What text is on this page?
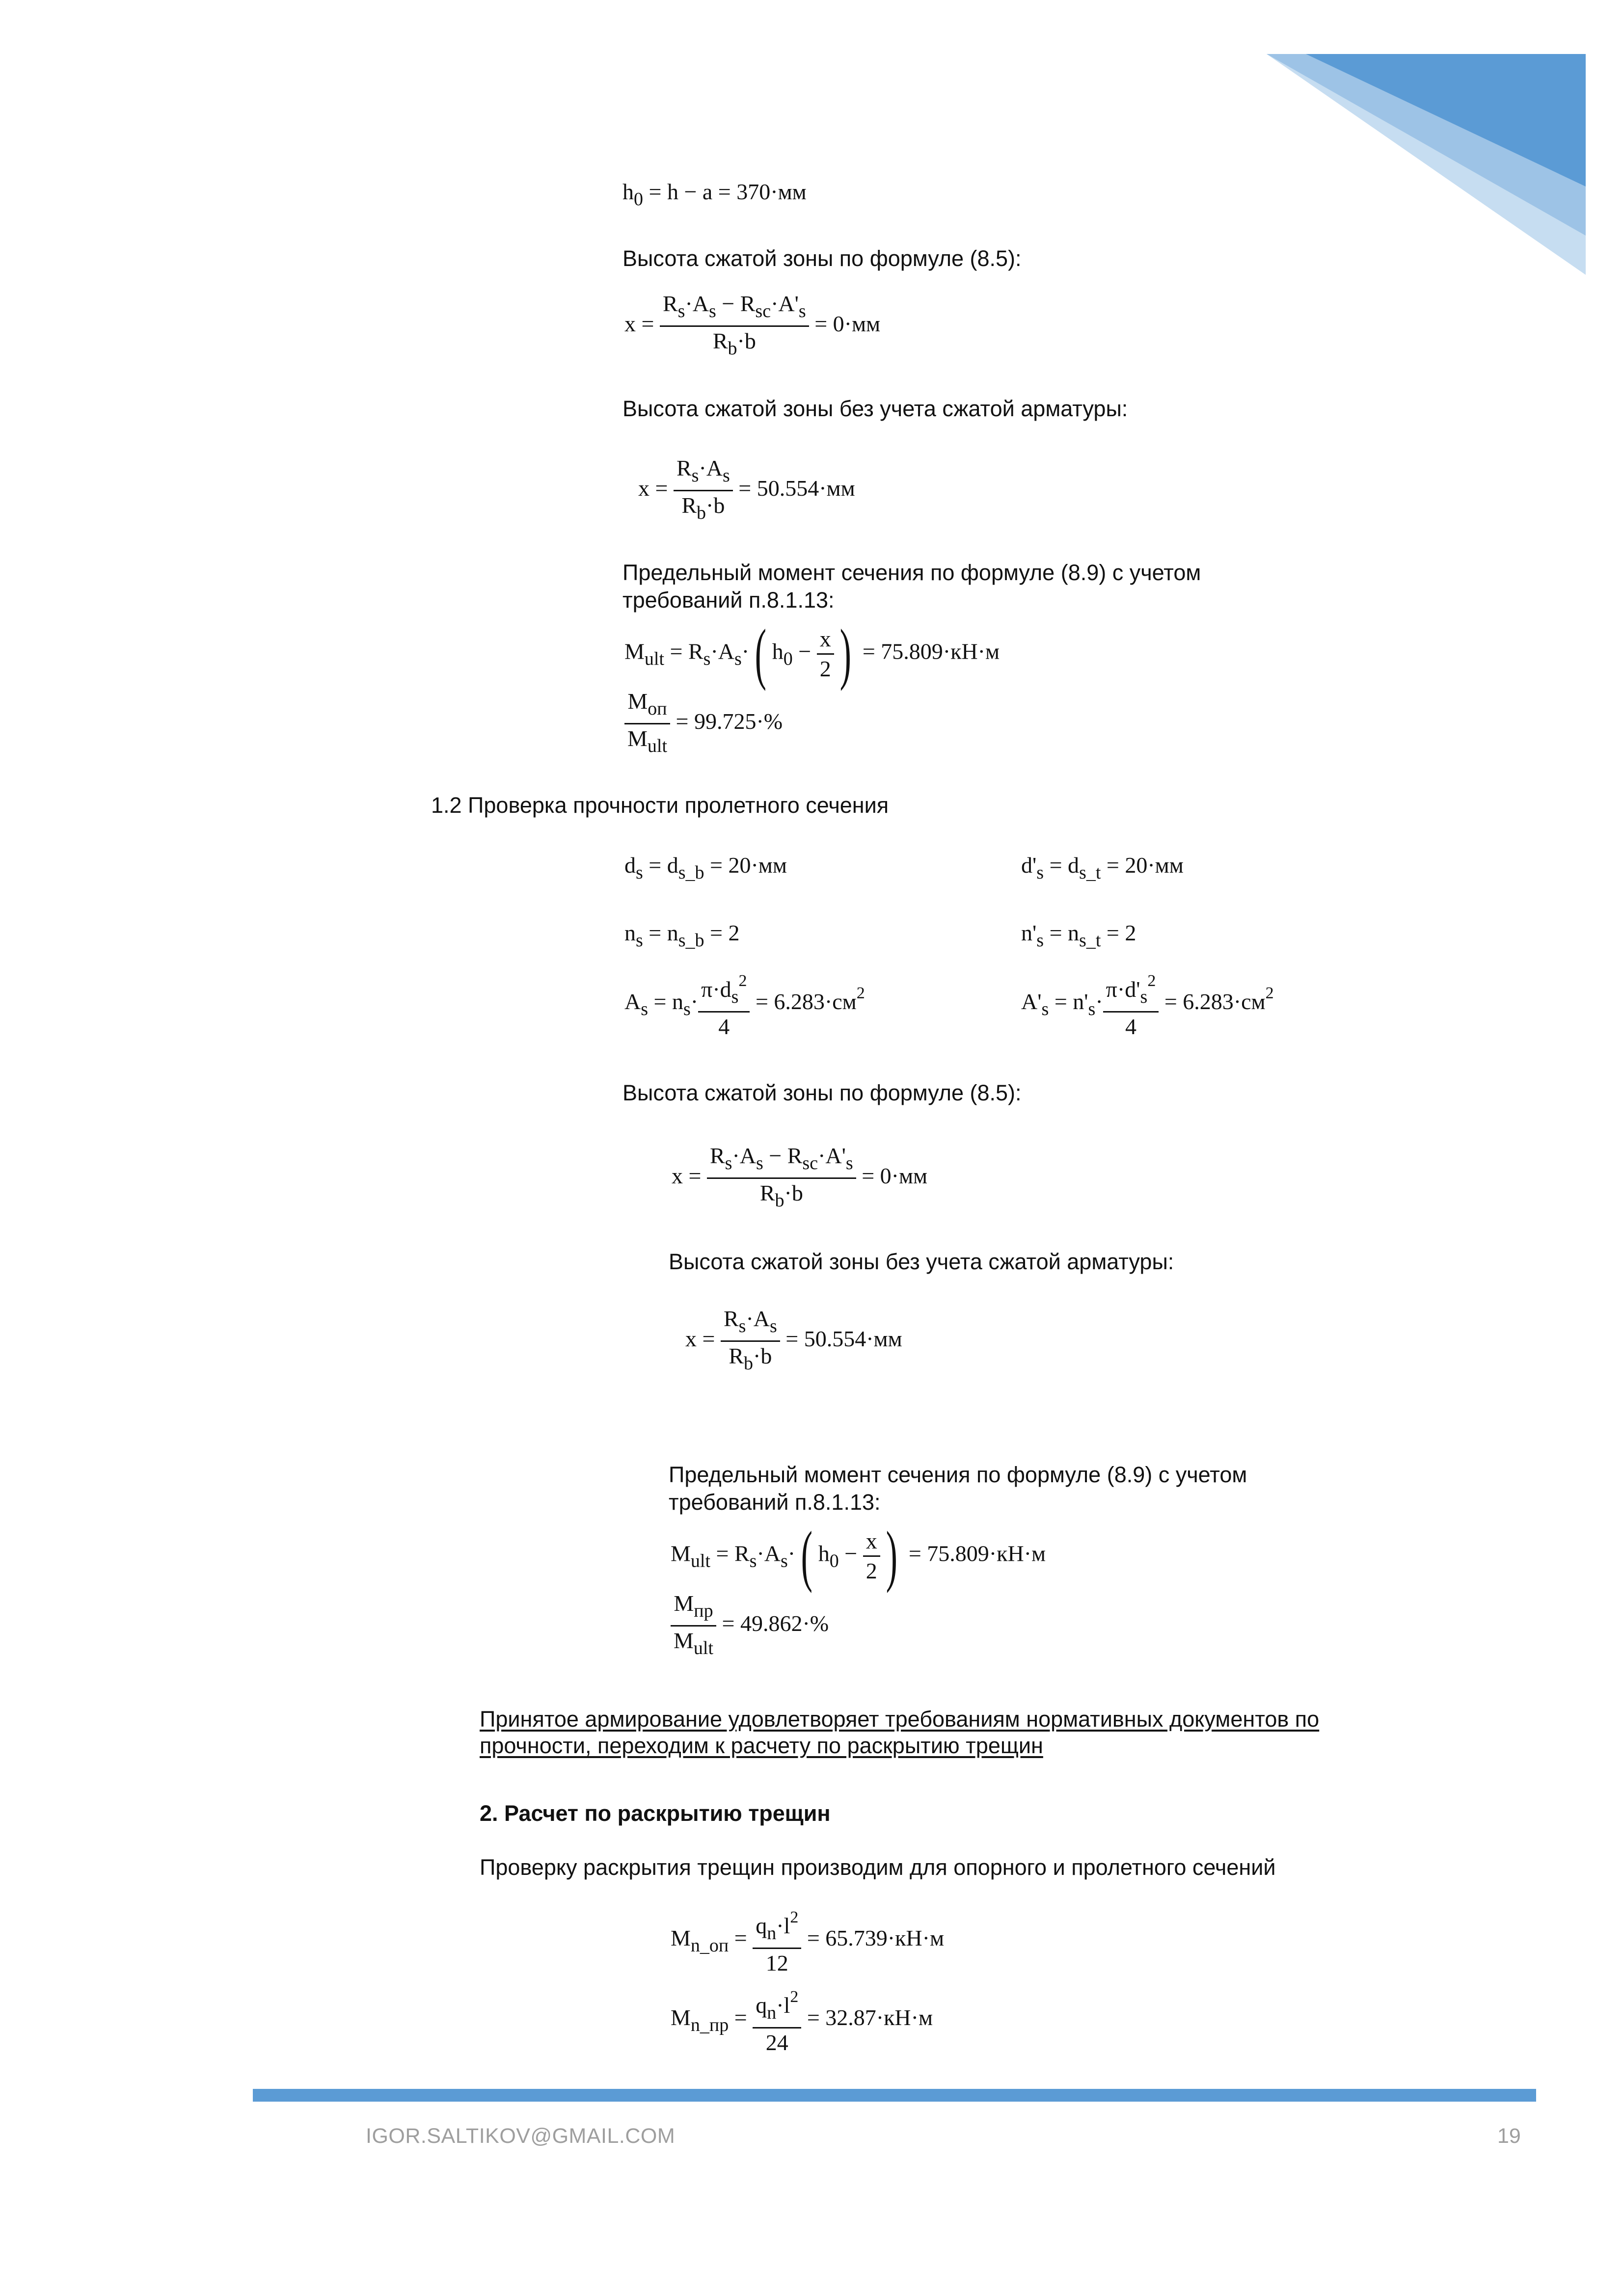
$h_0 = h - a = 370\cdot мм$
Высота сжатой зоны по формуле (8.5):
$x = \frac{R_s\cdot A_s - R_{sc}\cdot A'_s}{R_b\cdot b} = 0\cdot мм$
Высота сжатой зоны без учета сжатой арматуры:
$x = \frac{R_s\cdot A_s}{R_b\cdot b} = 50.554\cdot мм$
Предельный момент сечения по формуле (8.9) с учетом
требований п.8.1.13:
$M_{ult} = R_s\cdot A_s\cdot$( $h_0 - \frac{x}{2}$ ) = 75.809·кН·м
$\frac{M_{оп}}{M_{ult}} = 99.725\cdot\%$
1.2 Проверка прочности пролетного сечения
$d_s = d_{s\_b} = 20\cdot мм$	$d'_s = d_{s\_t} = 20\cdot мм$
$n_s = n_{s\_b} = 2$	$n'_s = n_{s\_t} = 2$
$A_s = n_s\cdot \frac{\pi\cdot d_s^2}{4} = 6.283\cdot см^2$	$A'_s = n'_s\cdot \frac{\pi\cdot d'_s^2}{4} = 6.283\cdot см^2$
Высота сжатой зоны по формуле (8.5):
$x = \frac{R_s\cdot A_s - R_{sc}\cdot A'_s}{R_b\cdot b} = 0\cdot мм$
Высота сжатой зоны без учета сжатой арматуры:
$x = \frac{R_s\cdot A_s}{R_b\cdot b} = 50.554\cdot мм$
Предельный момент сечения по формуле (8.9) с учетом
требований п.8.1.13:
$M_{ult} = R_s\cdot A_s\cdot$( $h_0 - \frac{x}{2}$ ) = 75.809·кН·м
$\frac{M_{пр}}{M_{ult}} = 49.862\cdot\%$
Принятое армирование удовлетворяет требованиям нормативных документов по
прочности, переходим к расчету по раскрытию трещин
2. Расчет по раскрытию трещин
Проверку раскрытия трещин производим для опорного и пролетного сечений
$M_{n\_оп} = \frac{q_n\cdot l^2}{12} = 65.739\cdot кН\cdot м$
$M_{n\_пр} = \frac{q_n\cdot l^2}{24} = 32.87\cdot кН\cdot м$
IGOR.SALTIKOV@GMAIL.COM	19
